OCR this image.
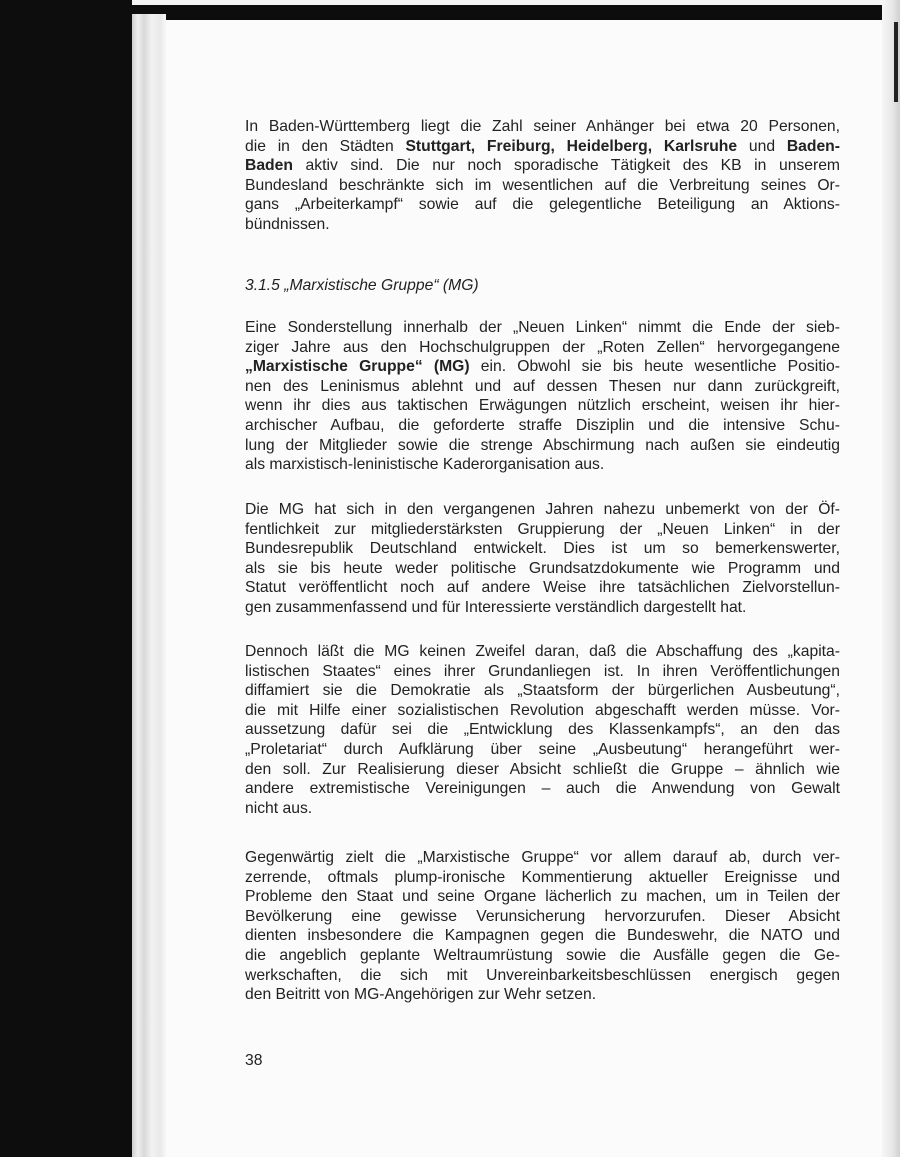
In Baden-Württemberg liegt die Zahl seiner Anhänger bei etwa 20 Personen,
die in den Städten Stuttgart, Freiburg, Heidelberg, Karlsruhe und Baden-
Baden aktiv sind. Die nur noch sporadische Tätigkeit des KB in unserem
Bundesland beschränkte sich im wesentlichen auf die Verbreitung seines Or-
gans „Arbeiterkampf“ sowie auf die gelegentliche Beteiligung an Aktions-
bündnissen.
3.1.5 „Marxistische Gruppe“ (MG)
Eine Sonderstellung innerhalb der „Neuen Linken“ nimmt die Ende der sieb-
ziger Jahre aus den Hochschulgruppen der „Roten Zellen“ hervorgegangene
„Marxistische Gruppe“ (MG) ein. Obwohl sie bis heute wesentliche Positio-
nen des Leninismus ablehnt und auf dessen Thesen nur dann zurückgreift,
wenn ihr dies aus taktischen Erwägungen nützlich erscheint, weisen ihr hier-
archischer Aufbau, die geforderte straffe Disziplin und die intensive Schu-
lung der Mitglieder sowie die strenge Abschirmung nach außen sie eindeutig
als marxistisch-leninistische Kaderorganisation aus.
Die MG hat sich in den vergangenen Jahren nahezu unbemerkt von der Öf-
fentlichkeit zur mitgliederstärksten Gruppierung der „Neuen Linken“ in der
Bundesrepublik Deutschland entwickelt. Dies ist um so bemerkenswerter,
als sie bis heute weder politische Grundsatzdokumente wie Programm und
Statut veröffentlicht noch auf andere Weise ihre tatsächlichen Zielvorstellun-
gen zusammenfassend und für Interessierte verständlich dargestellt hat.
Dennoch läßt die MG keinen Zweifel daran, daß die Abschaffung des „kapita-
listischen Staates“ eines ihrer Grundanliegen ist. In ihren Veröffentlichungen
diffamiert sie die Demokratie als „Staatsform der bürgerlichen Ausbeutung“,
die mit Hilfe einer sozialistischen Revolution abgeschafft werden müsse. Vor-
aussetzung dafür sei die „Entwicklung des Klassenkampfs“, an den das
„Proletariat“ durch Aufklärung über seine „Ausbeutung“ herangeführt wer-
den soll. Zur Realisierung dieser Absicht schließt die Gruppe – ähnlich wie
andere extremistische Vereinigungen – auch die Anwendung von Gewalt
nicht aus.
Gegenwärtig zielt die „Marxistische Gruppe“ vor allem darauf ab, durch ver-
zerrende, oftmals plump-ironische Kommentierung aktueller Ereignisse und
Probleme den Staat und seine Organe lächerlich zu machen, um in Teilen der
Bevölkerung eine gewisse Verunsicherung hervorzurufen. Dieser Absicht
dienten insbesondere die Kampagnen gegen die Bundeswehr, die NATO und
die angeblich geplante Weltraumrüstung sowie die Ausfälle gegen die Ge-
werkschaften, die sich mit Unvereinbarkeitsbeschlüssen energisch gegen
den Beitritt von MG-Angehörigen zur Wehr setzen.
38
